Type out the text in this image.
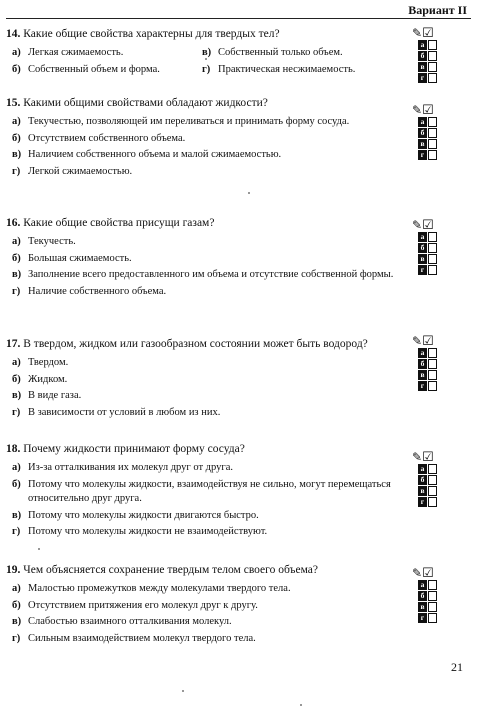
Вариант II
14. Какие общие свойства характерны для твердых тел?
а) Легкая сжимаемость.	в) Собственный только объем.
б) Собственный объем и форма.	г) Практическая несжимаемость.
15. Какими общими свойствами обладают жидкости?
а) Текучестью, позволяющей им переливаться и принимать форму сосуда.
б) Отсутствием собственного объема.
в) Наличием собственного объема и малой сжимаемостью.
г) Легкой сжимаемостью.
16. Какие общие свойства присущи газам?
а) Текучесть.
б) Большая сжимаемость.
в) Заполнение всего предоставленного им объема и отсутствие собственной формы.
г) Наличие собственного объема.
17. В твердом, жидком или газообразном состоянии может быть водород?
а) Твердом.
б) Жидком.
в) В виде газа.
г) В зависимости от условий в любом из них.
18. Почему жидкости принимают форму сосуда?
а) Из-за отталкивания их молекул друг от друга.
б) Потому что молекулы жидкости, взаимодействуя не сильно, могут перемещаться относительно друг друга.
в) Потому что молекулы жидкости двигаются быстро.
г) Потому что молекулы жидкости не взаимодействуют.
19. Чем объясняется сохранение твердым телом своего объема?
а) Малостью промежутков между молекулами твердого тела.
б) Отсутствием притяжения его молекул друг к другу.
в) Слабостью взаимного отталкивания молекул.
г) Сильным взаимодействием молекул твердого тела.
✎☑
а
б
в
г
✎☑
а
б
в
г
✎☑
а
б
в
г
✎☑
а
б
в
г
✎☑
а
б
в
г
✎☑
а
б
в
г
21
